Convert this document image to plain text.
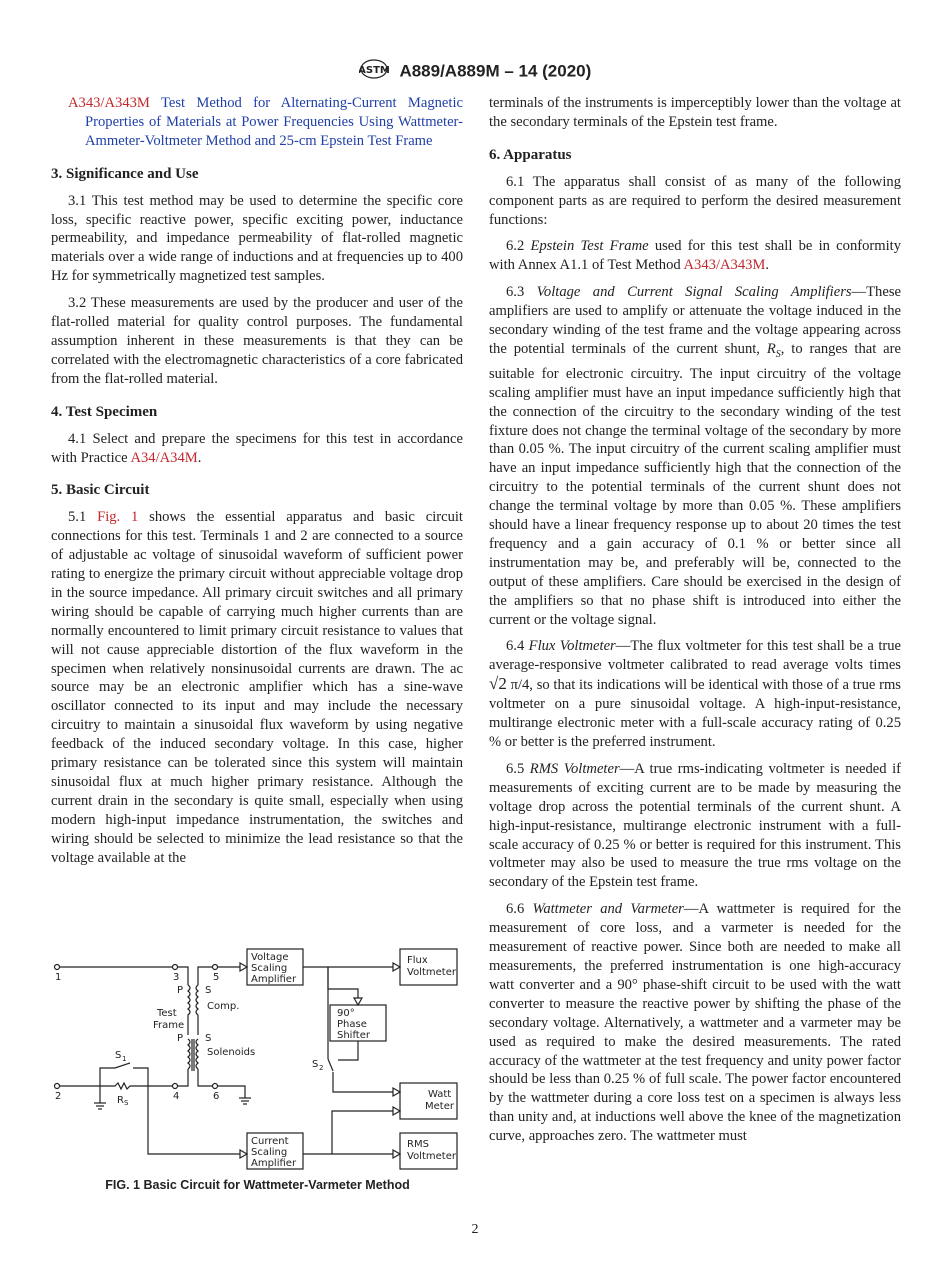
ASTM A889/A889M – 14 (2020)

A343/A343M Test Method for Alternating-Current Magnetic Properties of Materials at Power Frequencies Using Wattmeter-Ammeter-Voltmeter Method and 25-cm Epstein Test Frame

3. Significance and Use

3.1 This test method may be used to determine the specific core loss, specific reactive power, specific exciting power, inductance permeability, and impedance permeability of flat-rolled magnetic materials over a wide range of inductions and at frequencies up to 400 Hz for symmetrically magnetized test samples.

3.2 These measurements are used by the producer and user of the flat-rolled material for quality control purposes. The fundamental assumption inherent in these measurements is that they can be correlated with the electromagnetic characteristics of a core fabricated from the flat-rolled material.

4. Test Specimen

4.1 Select and prepare the specimens for this test in accordance with Practice A34/A34M.

5. Basic Circuit

5.1 Fig. 1 shows the essential apparatus and basic circuit connections for this test. Terminals 1 and 2 are connected to a source of adjustable ac voltage of sinusoidal waveform of sufficient power rating to energize the primary circuit without appreciable voltage drop in the source impedance. All primary circuit switches and all primary wiring should be capable of carrying much higher currents than are normally encountered to limit primary circuit resistance to values that will not cause appreciable distortion of the flux waveform in the specimen when relatively nonsinusoidal currents are drawn. The ac source may be an electronic amplifier which has a sine-wave oscillator connected to its input and may include the necessary circuitry to maintain a sinusoidal flux waveform by using negative feedback of the induced secondary voltage. In this case, higher primary resistance can be tolerated since this system will maintain sinusoidal flux at much higher primary resistance. Although the current drain in the secondary is quite small, especially when using modern high-input impedance instrumentation, the switches and wiring should be selected to minimize the lead resistance so that the voltage available at the

terminals of the instruments is imperceptibly lower than the voltage at the secondary terminals of the Epstein test frame.

6. Apparatus

6.1 The apparatus shall consist of as many of the following component parts as are required to perform the desired measurement functions:

6.2 Epstein Test Frame used for this test shall be in conformity with Annex A1.1 of Test Method A343/A343M.

6.3 Voltage and Current Signal Scaling Amplifiers—These amplifiers are used to amplify or attenuate the voltage induced in the secondary winding of the test frame and the voltage appearing across the potential terminals of the current shunt, $R_S$, to ranges that are suitable for electronic circuitry. The input circuitry of the voltage scaling amplifier must have an input impedance sufficiently high that the connection of the circuitry to the secondary winding of the test fixture does not change the terminal voltage of the secondary by more than 0.05 %. The input circuitry of the current scaling amplifier must have an input impedance sufficiently high that the connection of the circuitry to the potential terminals of the current shunt does not change the terminal voltage by more than 0.05 %. These amplifiers should have a linear frequency response up to about 20 times the test frequency and a gain accuracy of 0.1 % or better since all instrumentation may be, and preferably will be, connected to the output of these amplifiers. Care should be exercised in the design of the amplifiers so that no phase shift is introduced into either the current or the voltage signal.

6.4 Flux Voltmeter—The flux voltmeter for this test shall be a true average-responsive voltmeter calibrated to read average volts times √2 π/4, so that its indications will be identical with those of a true rms voltmeter on a pure sinusoidal voltage. A high-input-resistance, multirange electronic meter with a full-scale accuracy rating of 0.25 % or better is the preferred instrument.

6.5 RMS Voltmeter—A true rms-indicating voltmeter is needed if measurements of exciting current are to be made by measuring the voltage drop across the potential terminals of the current shunt. A high-input-resistance, multirange electronic instrument with a full-scale accuracy of 0.25 % or better is required for this instrument. This voltmeter may also be used to measure the true rms voltage on the secondary of the Epstein test frame.

6.6 Wattmeter and Varmeter—A wattmeter is required for the measurement of core loss, and a varmeter is needed for the measurement of reactive power. Since both are needed to make all measurements, the preferred instrumentation is one high-accuracy watt converter and a 90° phase-shift circuit to be used with the watt converter to measure the reactive power by shifting the phase of the secondary voltage. Alternatively, a wattmeter and a varmeter may be used as required to make the desired measurements. The rated accuracy of the wattmeter at the test frequency and unity power factor should be less than 0.25 % of full scale. The power factor encountered by the wattmeter during a core loss test on a specimen is always less than unity and, at inductions well above the knee of the magnetization curve, approaches zero. The wattmeter must

1	3	5
2	4	6
P S
Comp.
Test
Frame
P S
Solenoids
S 1
R S
Voltage
Scaling
Amplifier
Flux
Voltmeter
90°
Phase
Shifter
Watt
Meter
Current
Scaling
Amplifier
RMS
Voltmeter
S 2
FIG. 1 Basic Circuit for Wattmeter-Varmeter Method
2
